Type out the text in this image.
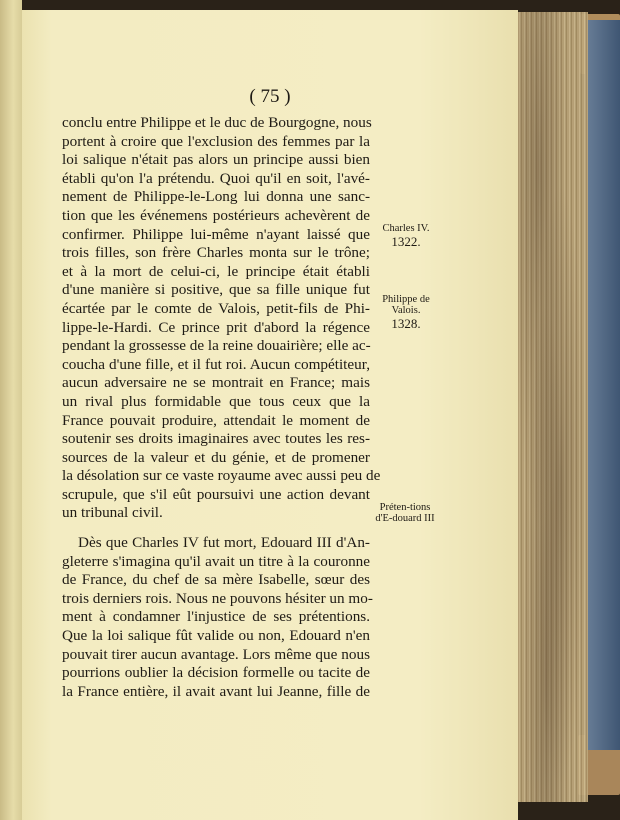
( 75 )
conclu entre Philippe et le duc de Bourgogne, nous
portent à croire que l'exclusion des femmes par la
loi salique n'était pas alors un principe aussi bien
établi qu'on l'a prétendu. Quoi qu'il en soit, l'avé-
nement de Philippe-le-Long lui donna une sanc-
tion que les événemens postérieurs achevèrent de
confirmer. Philippe lui-même n'ayant laissé que
trois filles, son frère Charles monta sur le trône;
et à la mort de celui-ci, le principe était établi
d'une manière si positive, que sa fille unique fut
écartée par le comte de Valois, petit-fils de Phi-
lippe-le-Hardi. Ce prince prit d'abord la régence
pendant la grossesse de la reine douairière; elle ac-
coucha d'une fille, et il fut roi. Aucun compétiteur,
aucun adversaire ne se montrait en France; mais
un rival plus formidable que tous ceux que la
France pouvait produire, attendait le moment de
soutenir ses droits imaginaires avec toutes les res-
sources de la valeur et du génie, et de promener
la désolation sur ce vaste royaume avec aussi peu de
scrupule, que s'il eût poursuivi une action devant
un tribunal civil.
Dès que Charles IV fut mort, Edouard III d'An-
gleterre s'imagina qu'il avait un titre à la couronne
de France, du chef de sa mère Isabelle, sœur des
trois derniers rois. Nous ne pouvons hésiter un mo-
ment à condamner l'injustice de ses prétentions.
Que la loi salique fût valide ou non, Edouard n'en
pouvait tirer aucun avantage. Lors même que nous
pourrions oublier la décision formelle ou tacite de
la France entière, il avait avant lui Jeanne, fille de
Charles IV.
1322.
Philippe de Valois.
1328.
Préten-tions d'E-douard III
